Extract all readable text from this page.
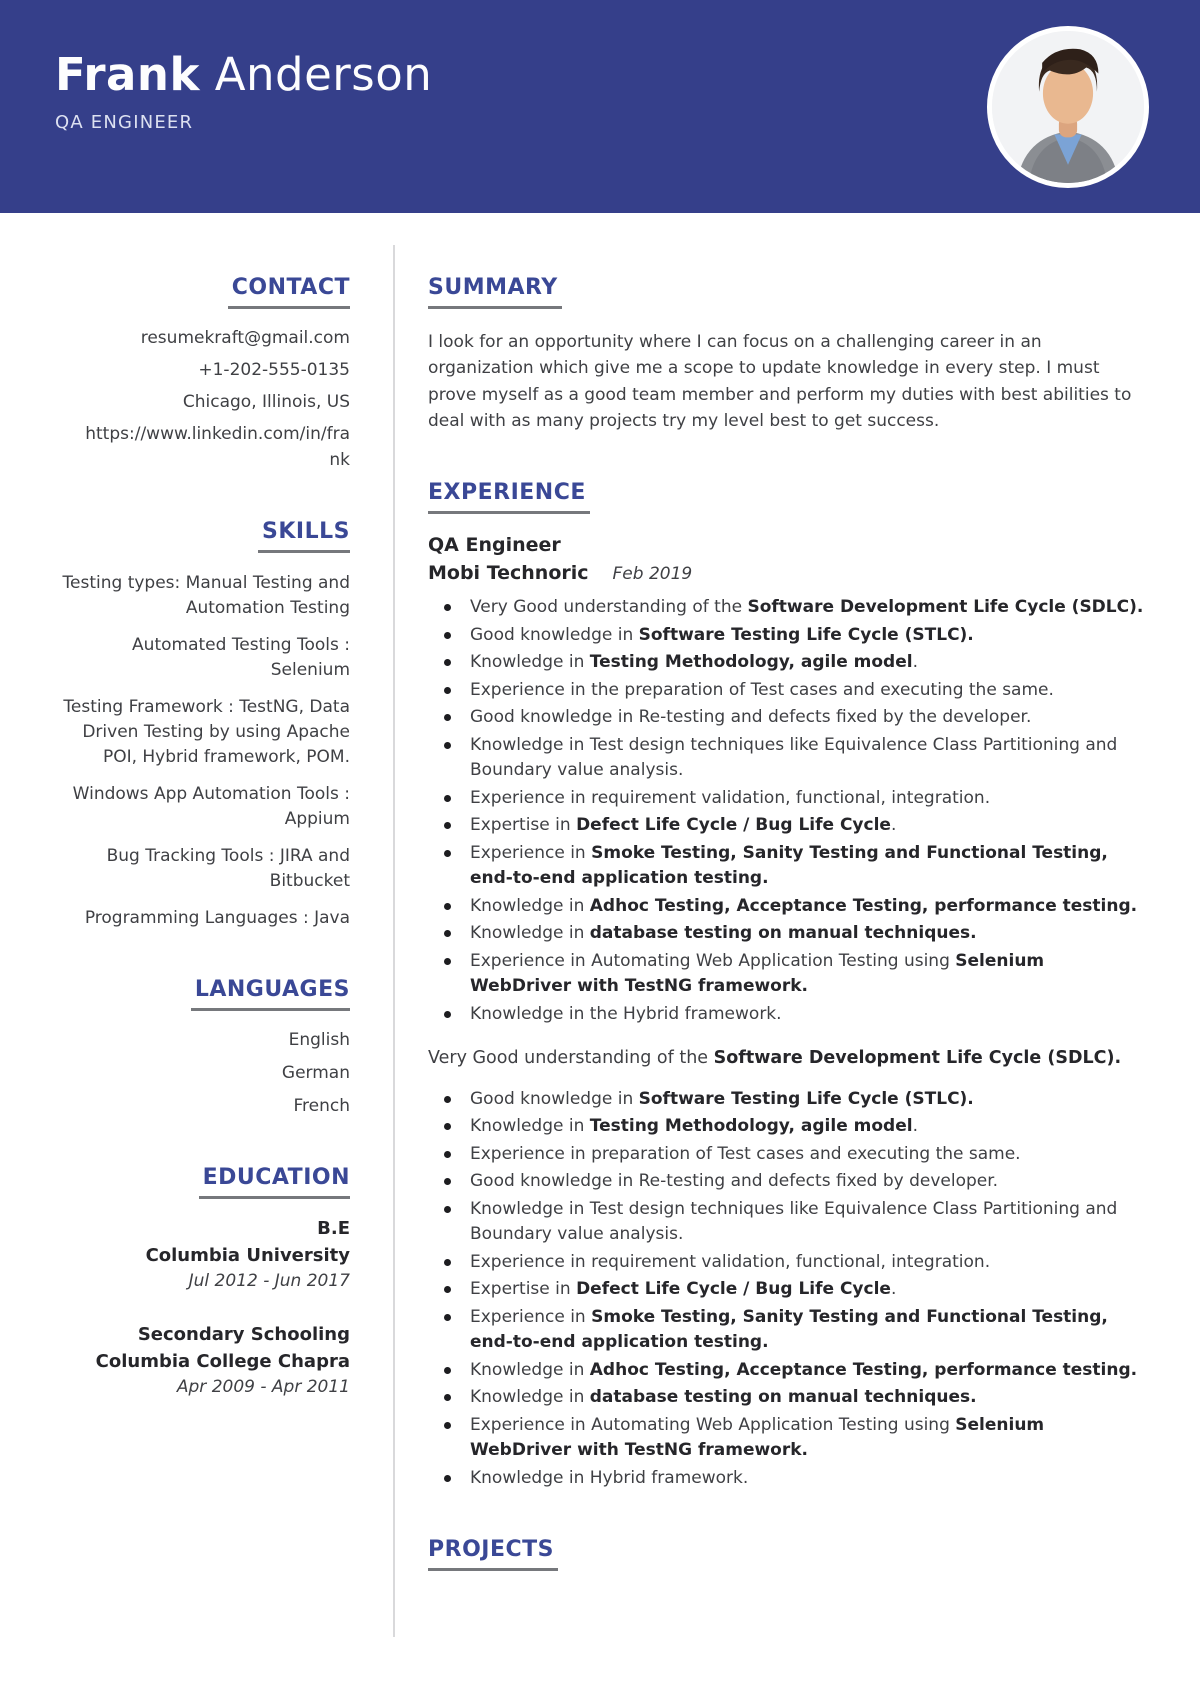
Frank Anderson
QA ENGINEER
CONTACT
resumekraft@gmail.com
+1-202-555-0135
Chicago, Illinois, US
https://www.linkedin.com/in/frank
SKILLS
Testing types: Manual Testing and Automation Testing
Automated Testing Tools : Selenium
Testing Framework : TestNG, Data Driven Testing by using Apache POI, Hybrid framework, POM.
Windows App Automation Tools : Appium
Bug Tracking Tools : JIRA and Bitbucket
Programming Languages : Java
LANGUAGES
English
German
French
EDUCATION
B.E
Columbia University
Jul 2012 - Jun 2017
Secondary Schooling
Columbia College Chapra
Apr 2009 - Apr 2011
SUMMARY

I look for an opportunity where I can focus on a challenging career in an organization which give me a scope to update knowledge in every step. I must prove myself as a good team member and perform my duties with best abilities to deal with as many projects try my level best to get success.

EXPERIENCE
QA Engineer
Mobi Technoric Feb 2019
Very Good understanding of the Software Development Life Cycle (SDLC).
Good knowledge in Software Testing Life Cycle (STLC).
Knowledge in Testing Methodology, agile model.
Experience in the preparation of Test cases and executing the same.
Good knowledge in Re-testing and defects fixed by the developer.
Knowledge in Test design techniques like Equivalence Class Partitioning and Boundary value analysis.
Experience in requirement validation, functional, integration.
Expertise in Defect Life Cycle / Bug Life Cycle.
Experience in Smoke Testing, Sanity Testing and Functional Testing, end-to-end application testing.
Knowledge in Adhoc Testing, Acceptance Testing, performance testing.
Knowledge in database testing on manual techniques.
Experience in Automating Web Application Testing using Selenium WebDriver with TestNG framework.
Knowledge in the Hybrid framework.

Very Good understanding of the Software Development Life Cycle (SDLC).

Good knowledge in Software Testing Life Cycle (STLC).
Knowledge in Testing Methodology, agile model.
Experience in preparation of Test cases and executing the same.
Good knowledge in Re-testing and defects fixed by developer.
Knowledge in Test design techniques like Equivalence Class Partitioning and Boundary value analysis.
Experience in requirement validation, functional, integration.
Expertise in Defect Life Cycle / Bug Life Cycle.
Experience in Smoke Testing, Sanity Testing and Functional Testing, end-to-end application testing.
Knowledge in Adhoc Testing, Acceptance Testing, performance testing.
Knowledge in database testing on manual techniques.
Experience in Automating Web Application Testing using Selenium WebDriver with TestNG framework.
Knowledge in Hybrid framework.
PROJECTS
